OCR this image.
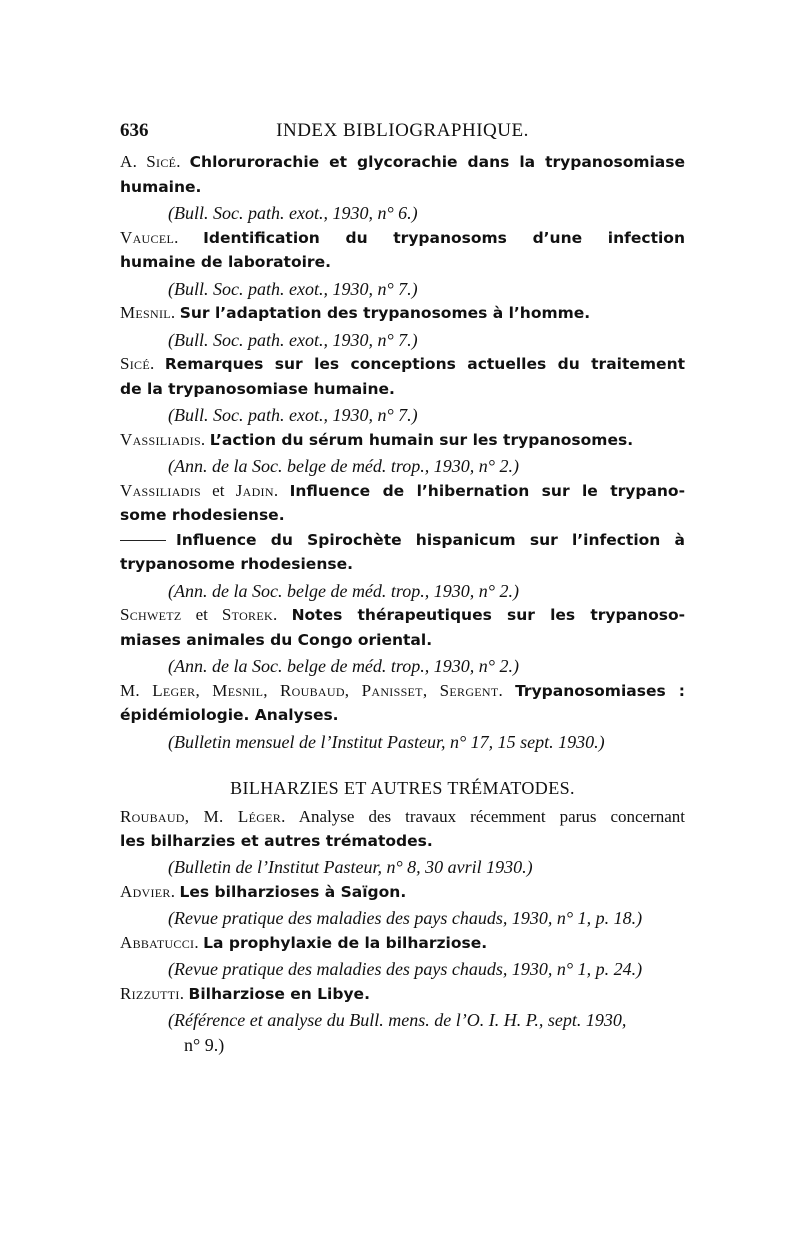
636	INDEX BIBLIOGRAPHIQUE.
A. Sicé. Chlorurorachie et glycorachie dans la trypanosomiase
humaine.
(Bull. Soc. path. exot., 1930, n° 6.)
Vaucel. Identification du trypanosoms d’une infection
humaine de laboratoire.
(Bull. Soc. path. exot., 1930, n° 7.)
Mesnil. Sur l’adaptation des trypanosomes à l’homme.
(Bull. Soc. path. exot., 1930, n° 7.)
Sicé. Remarques sur les conceptions actuelles du traitement
de la trypanosomiase humaine.
(Bull. Soc. path. exot., 1930, n° 7.)
Vassiliadis. L’action du sérum humain sur les trypanosomes.
(Ann. de la Soc. belge de méd. trop., 1930, n° 2.)
Vassiliadis et Jadin. Influence de l’hibernation sur le trypano-
some rhodesiense.
Influence du Spirochète hispanicum sur l’infection à
trypanosome rhodesiense.
(Ann. de la Soc. belge de méd. trop., 1930, n° 2.)
Schwetz et Storek. Notes thérapeutiques sur les trypanoso-
miases animales du Congo oriental.
(Ann. de la Soc. belge de méd. trop., 1930, n° 2.)
M. Leger, Mesnil, Roubaud, Panisset, Sergent. Trypanosomiases :
épidémiologie. Analyses.
(Bulletin mensuel de l’Institut Pasteur, n° 17, 15 sept. 1930.)
BILHARZIES ET AUTRES TRÉMATODES.
Roubaud, M. Léger. Analyse des travaux récemment parus concernant
les bilharzies et autres trématodes.
(Bulletin de l’Institut Pasteur, n° 8, 30 avril 1930.)
Advier. Les bilharzioses à Saïgon.
(Revue pratique des maladies des pays chauds, 1930, n° 1, p. 18.)
Abbatucci. La prophylaxie de la bilharziose.
(Revue pratique des maladies des pays chauds, 1930, n° 1, p. 24.)
Rizzutti. Bilharziose en Libye.
(Référence et analyse du Bull. mens. de l’O. I. H. P., sept. 1930,
n° 9.)
